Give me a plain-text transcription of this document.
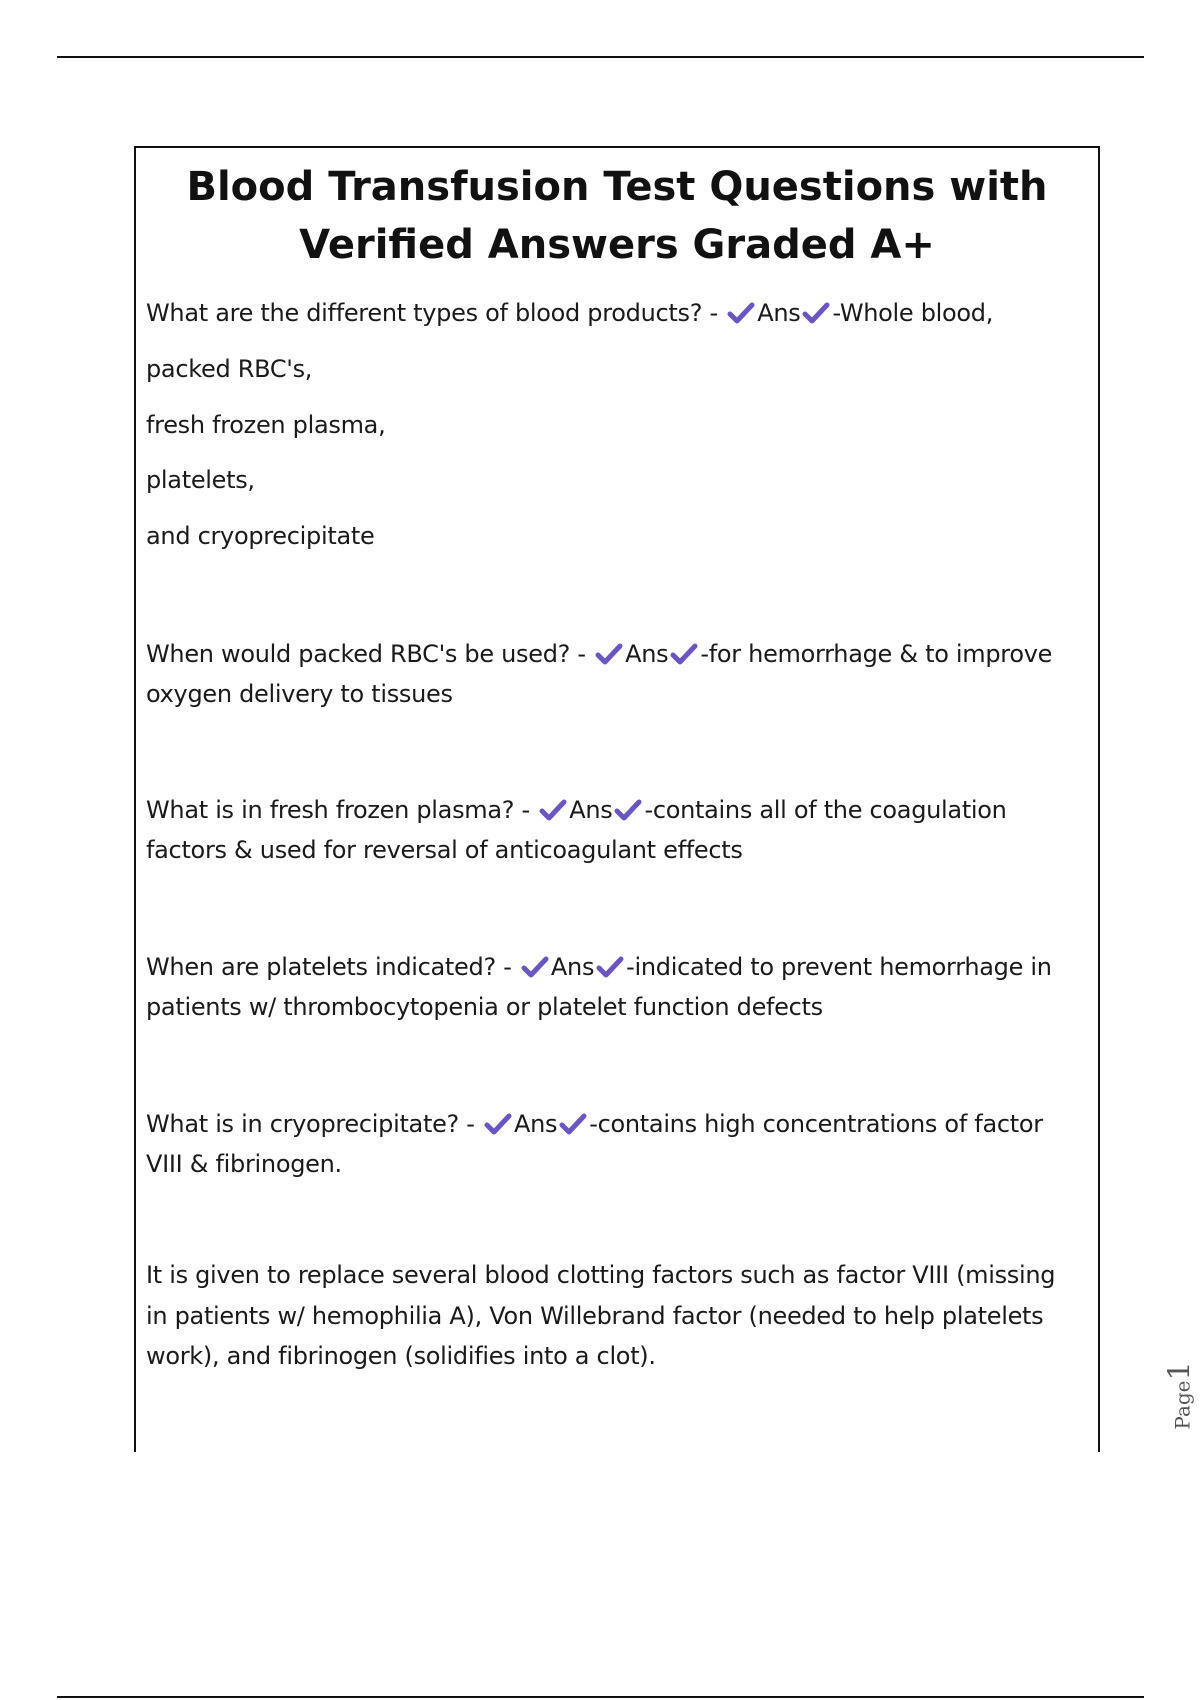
Blood Transfusion Test Questions with
Verified Answers Graded A+

What are the different types of blood products? - Ans -Whole blood,

packed RBC's,

fresh frozen plasma,

platelets,

and cryoprecipitate

When would packed RBC's be used? - Ans -for hemorrhage & to improve

oxygen delivery to tissues

What is in fresh frozen plasma? - Ans -contains all of the coagulation

factors & used for reversal of anticoagulant effects

When are platelets indicated? - Ans -indicated to prevent hemorrhage in

patients w/ thrombocytopenia or platelet function defects

What is in cryoprecipitate? - Ans -contains high concentrations of factor

VIII & fibrinogen.

It is given to replace several blood clotting factors such as factor VIII (missing

in patients w/ hemophilia A), Von Willebrand factor (needed to help platelets

work), and fibrinogen (solidifies into a clot).

Page1
